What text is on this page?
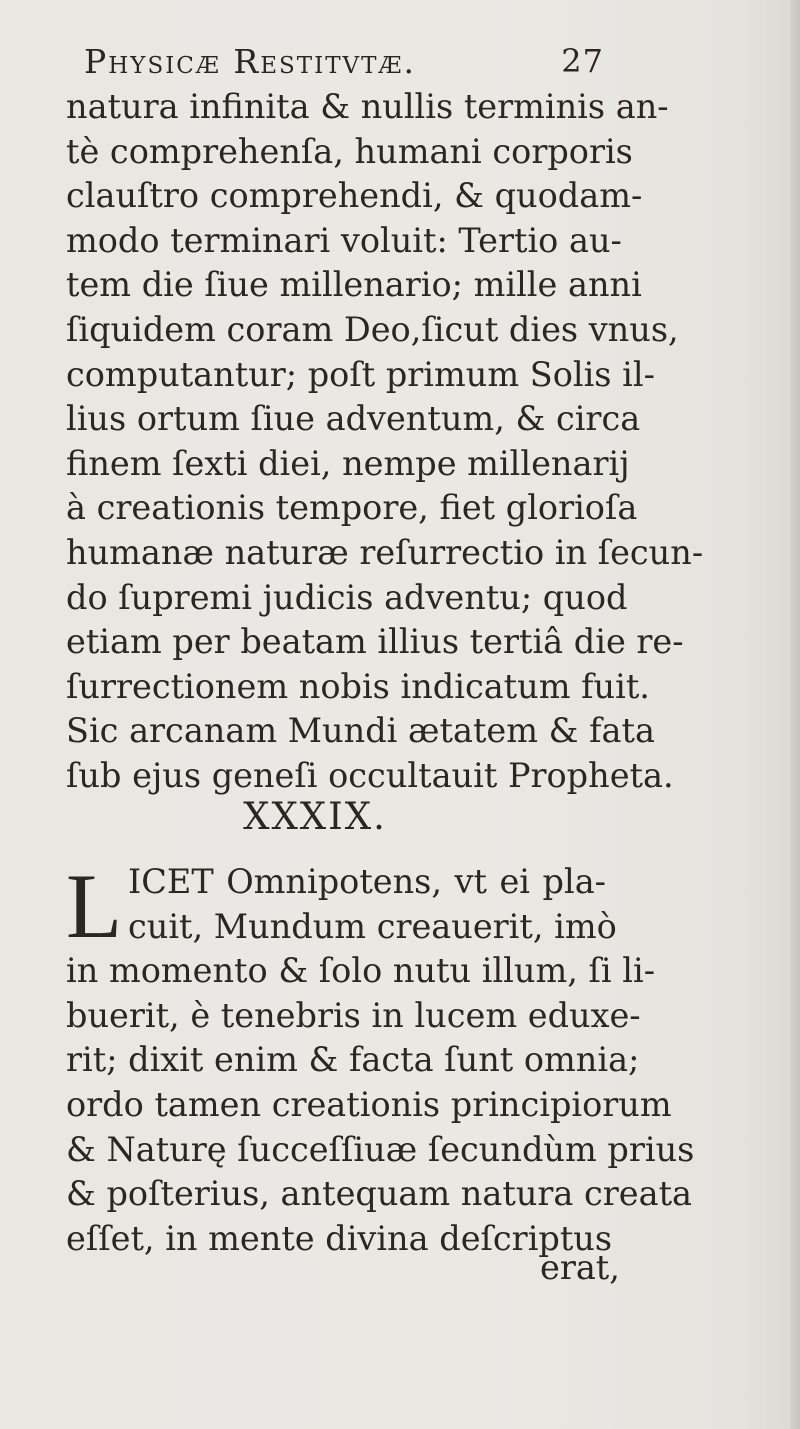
Physicæ Restitvtæ.	27
natura infinita & nullis terminis an-
tè comprehenſa, humani corporis
clauſtro comprehendi, & quodam-
modo terminari voluit: Tertio au-
tem die ſiue millenario; mille anni
ſiquidem coram Deo,ſicut dies vnus,
computantur; poſt primum Solis il-
lius ortum ſiue adventum, & circa
finem ſexti diei, nempe millenarij
à creationis tempore, fiet glorioſa
humanæ naturæ reſurrectio in ſecun-
do ſupremi judicis adventu; quod
etiam per beatam illius tertiâ die re-
ſurrectionem nobis indicatum fuit.
Sic arcanam Mundi ætatem & fata
ſub ejus geneſi occultauit Propheta.
XXXIX.
L ICET Omnipotens, vt ei pla-
cuit, Mundum creauerit, imò
in momento & ſolo nutu illum, ſi li-
buerit, è tenebris in lucem eduxe-
rit; dixit enim & facta ſunt omnia;
ordo tamen creationis principiorum
& Naturę ſucceſſiuæ ſecundùm prius
& poſterius, antequam natura creata
eſſet, in mente divina deſcriptus
erat,
